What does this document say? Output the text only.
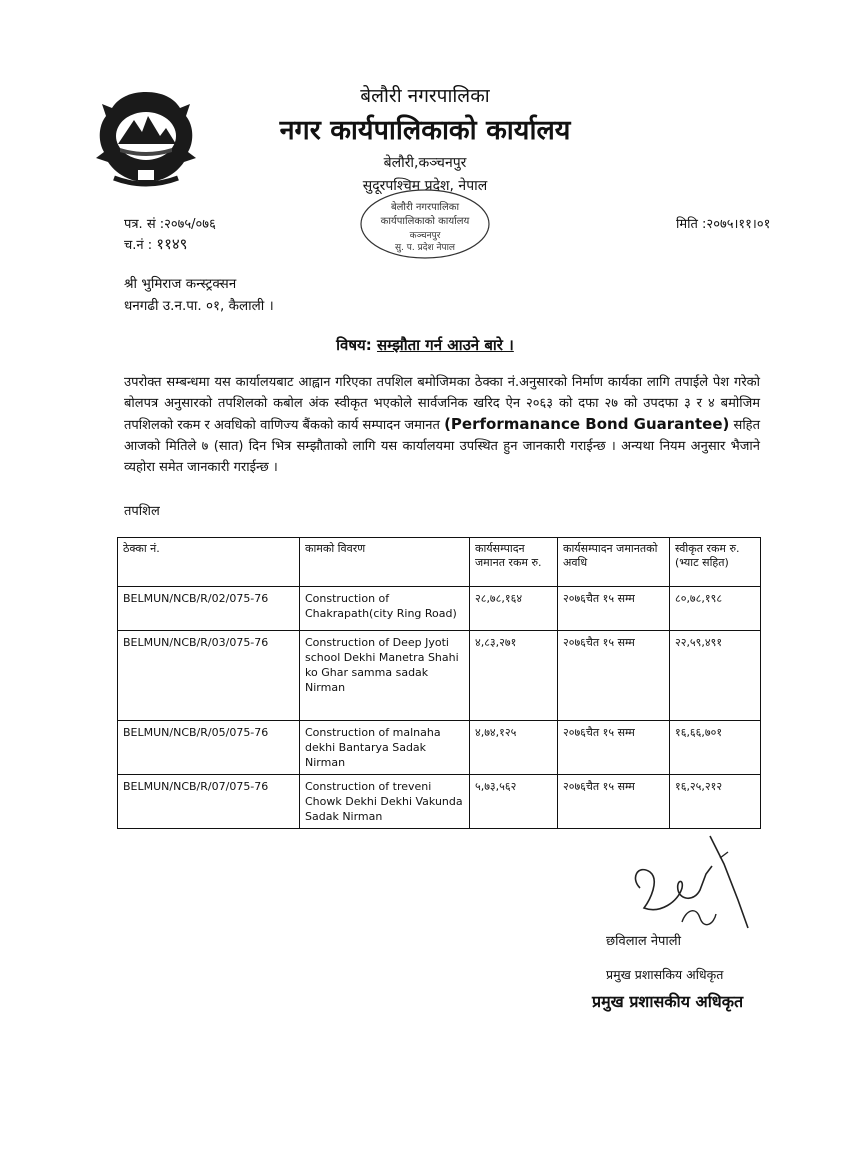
बेलौरी नगरपालिका
नगर कार्यपालिकाको कार्यालय
बेलौरी,कञ्चनपुर
सुदूरपश्चिम प्रदेश, नेपाल
बेलौरी नगरपालिका
कार्यपालिकाको कार्यालय
कञ्चनपुर
सु. प. प्रदेश नेपाल
पत्र. सं :२०७५/०७६
च.नं : ११४९
मिति :२०७५।११।०१
श्री भुमिराज कन्स्ट्रक्सन
धनगढी उ.न.पा. ०१, कैलाली ।
विषय: सम्झौता गर्न आउने बारे ।
उपरोक्त सम्बन्धमा यस कार्यालयबाट आह्वान गरिएका तपशिल बमोजिमका ठेक्का नं.अनुसारको निर्माण कार्यका लागि तपाईले पेश गरेको बोलपत्र अनुसारको तपशिलको कबोल अंक स्वीकृत भएकोले सार्वजनिक खरिद ऐन २०६३ को दफा २७ को उपदफा ३ र ४ बमोजिम तपशिलको रकम र अवधिको वाणिज्य बैंकको कार्य सम्पादन जमानत (Performanance Bond Guarantee) सहित आजको मितिले ७ (सात) दिन भित्र सम्झौताको लागि यस कार्यालयमा उपस्थित हुन जानकारी गराईन्छ । अन्यथा नियम अनुसार भैजाने व्यहोरा समेत जानकारी गराईन्छ ।
तपशिल
ठेक्का नं.	कामको विवरण	कार्यसम्पादन जमानत रकम रु.	कार्यसम्पादन जमानतको अवधि	स्वीकृत रकम रु.(भ्याट सहित)
BELMUN/NCB/R/02/075-76	Construction of Chakrapath(city Ring Road)	२८,७८,१६४	२०७६चैत १५ सम्म	८०,७८,१९८
BELMUN/NCB/R/03/075-76	Construction of Deep Jyoti school Dekhi Manetra Shahi ko Ghar samma sadak Nirman	४,८३,२७१	२०७६चैत १५ सम्म	२२,५९,४९१
BELMUN/NCB/R/05/075-76	Construction of malnaha dekhi Bantarya Sadak Nirman	४,७४,१२५	२०७६चैत १५ सम्म	१६,६६,७०१
BELMUN/NCB/R/07/075-76	Construction of treveni Chowk Dekhi Dekhi Vakunda Sadak Nirman	५,७३,५६२	२०७६चैत १५ सम्म	१६,२५,२१२
छविलाल नेपाली
प्रमुख प्रशासकिय अधिकृत
प्रमुख प्रशासकीय अधिकृत
